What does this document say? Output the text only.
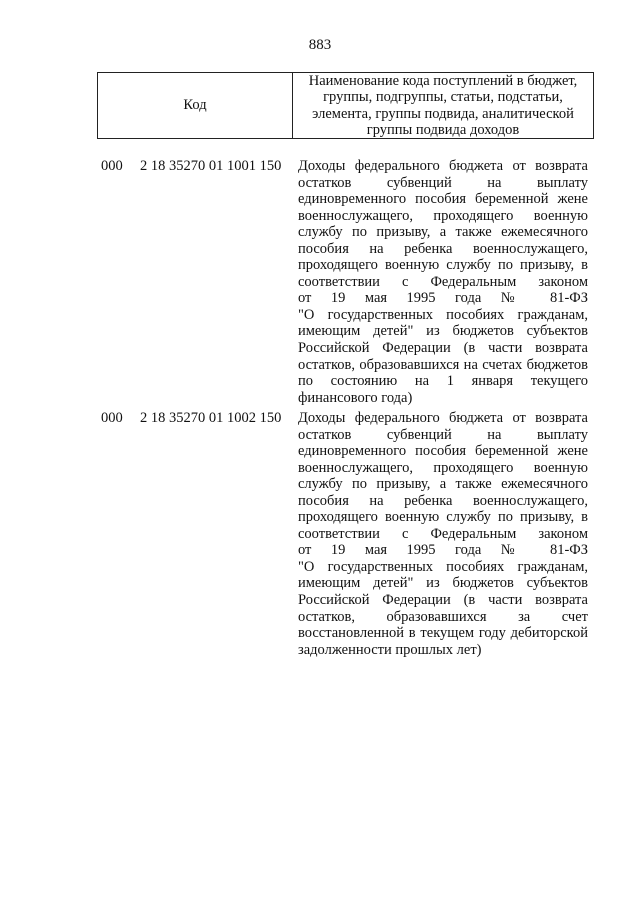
883
Код
Наименование кода поступлений в бюджет, группы, подгруппы, статьи, подстатьи, элемента, группы подвида, аналитической группы подвида доходов
000 2 18 35270 01 1001 150 Доходы федерального бюджета от возврата
остатков субвенций на выплату
единовременного пособия беременной жене
военнослужащего, проходящего военную
службу по призыву, а также ежемесячного
пособия на ребенка военнослужащего,
проходящего военную службу по призыву, в
соответствии с Федеральным законом
от 19 мая 1995 года № 81-ФЗ
"О государственных пособиях гражданам,
имеющим детей" из бюджетов субъектов
Российской Федерации (в части возврата
остатков, образовавшихся на счетах бюджетов
по состоянию на 1 января текущего
финансового года)
000 2 18 35270 01 1002 150 Доходы федерального бюджета от возврата
остатков субвенций на выплату
единовременного пособия беременной жене
военнослужащего, проходящего военную
службу по призыву, а также ежемесячного
пособия на ребенка военнослужащего,
проходящего военную службу по призыву, в
соответствии с Федеральным законом
от 19 мая 1995 года № 81-ФЗ
"О государственных пособиях гражданам,
имеющим детей" из бюджетов субъектов
Российской Федерации (в части возврата
остатков, образовавшихся за счет
восстановленной в текущем году дебиторской
задолженности прошлых лет)
